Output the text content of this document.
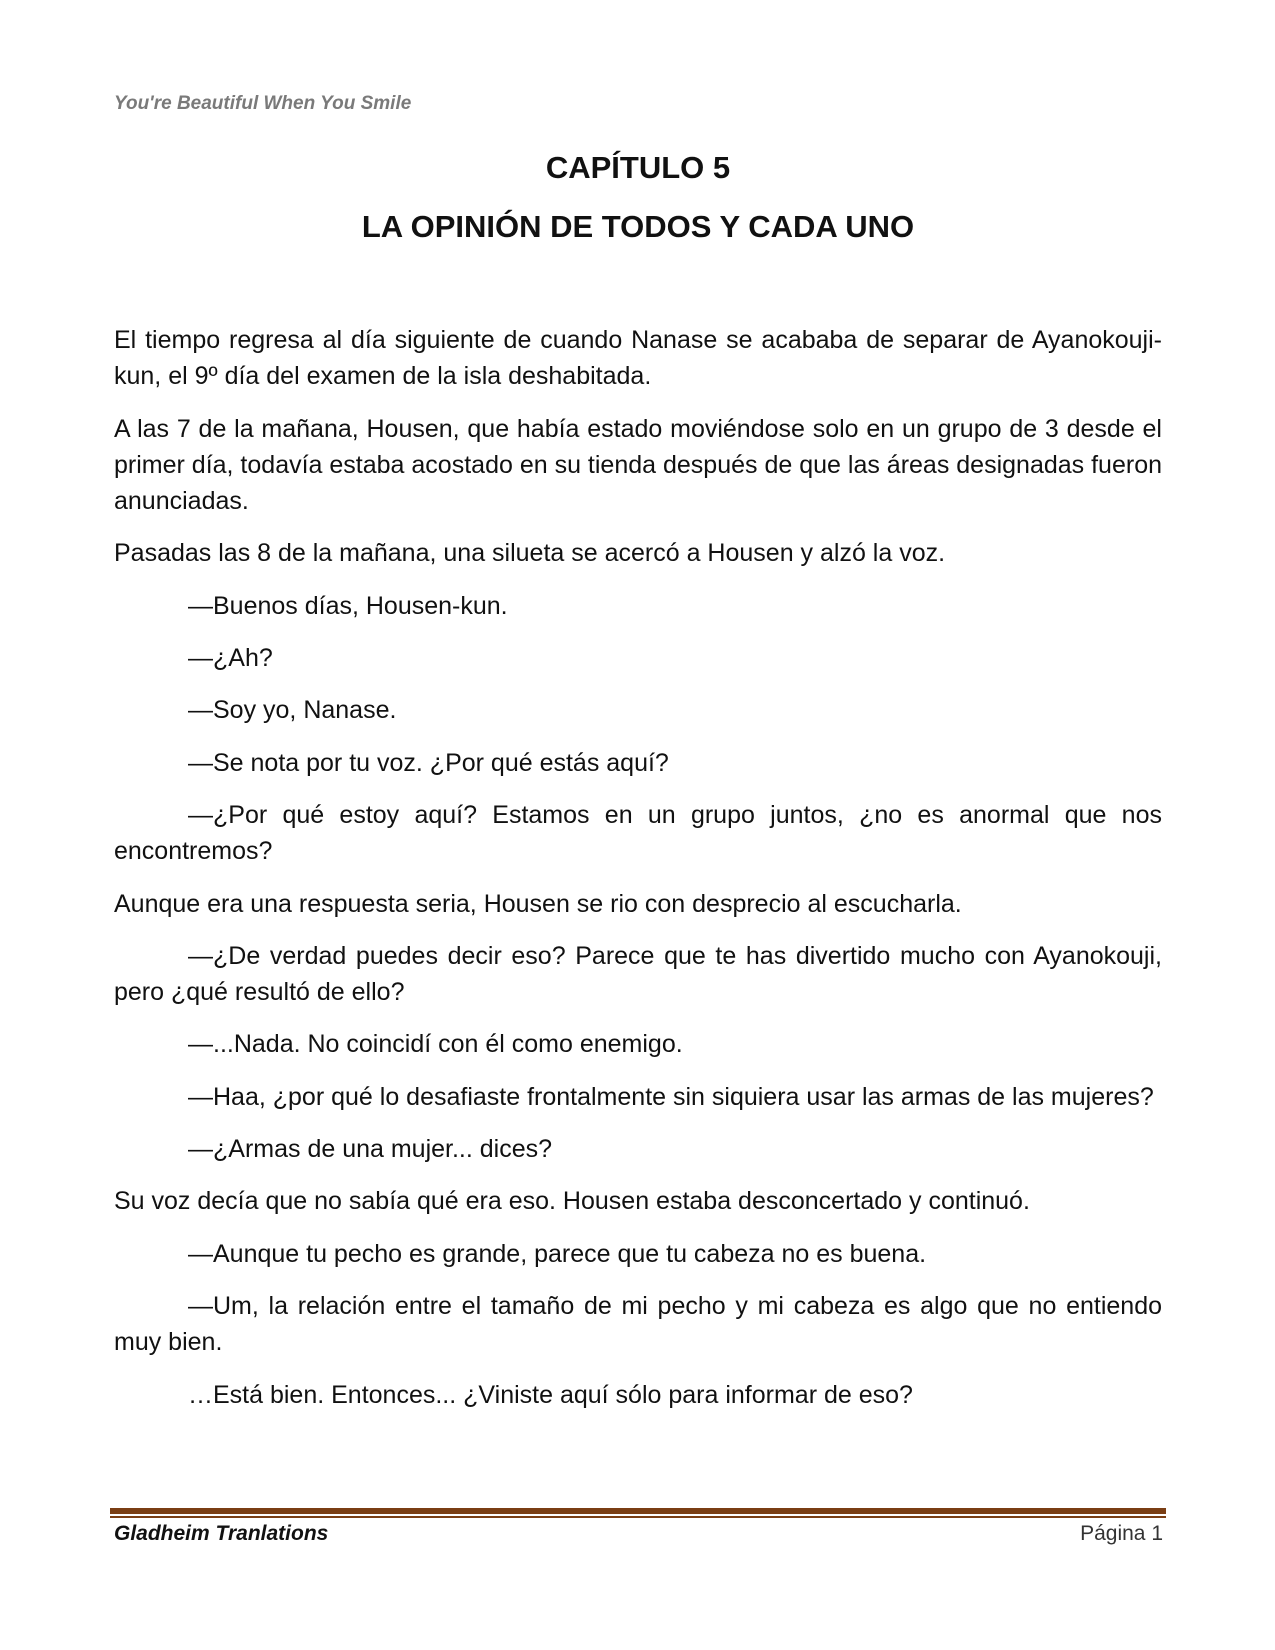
You're Beautiful When You Smile
CAPÍTULO 5
LA OPINIÓN DE TODOS Y CADA UNO

El tiempo regresa al día siguiente de cuando Nanase se acababa de separar de Ayanokouji-kun, el 9º día del examen de la isla deshabitada.

A las 7 de la mañana, Housen, que había estado moviéndose solo en un grupo de 3 desde el primer día, todavía estaba acostado en su tienda después de que las áreas designadas fueron anunciadas.

Pasadas las 8 de la mañana, una silueta se acercó a Housen y alzó la voz.

—Buenos días, Housen-kun.

—¿Ah?

—Soy yo, Nanase.

—Se nota por tu voz. ¿Por qué estás aquí?

—¿Por qué estoy aquí? Estamos en un grupo juntos, ¿no es anormal que nos encontremos?

Aunque era una respuesta seria, Housen se rio con desprecio al escucharla.

—¿De verdad puedes decir eso? Parece que te has divertido mucho con Ayanokouji, pero ¿qué resultó de ello?

—...Nada. No coincidí con él como enemigo.

—Haa, ¿por qué lo desafiaste frontalmente sin siquiera usar las armas de las mujeres?

—¿Armas de una mujer... dices?

Su voz decía que no sabía qué era eso. Housen estaba desconcertado y continuó.

—Aunque tu pecho es grande, parece que tu cabeza no es buena.

—Um, la relación entre el tamaño de mi pecho y mi cabeza es algo que no entiendo muy bien.

…Está bien. Entonces... ¿Viniste aquí sólo para informar de eso?

Gladheim Tranlations	Página 1
